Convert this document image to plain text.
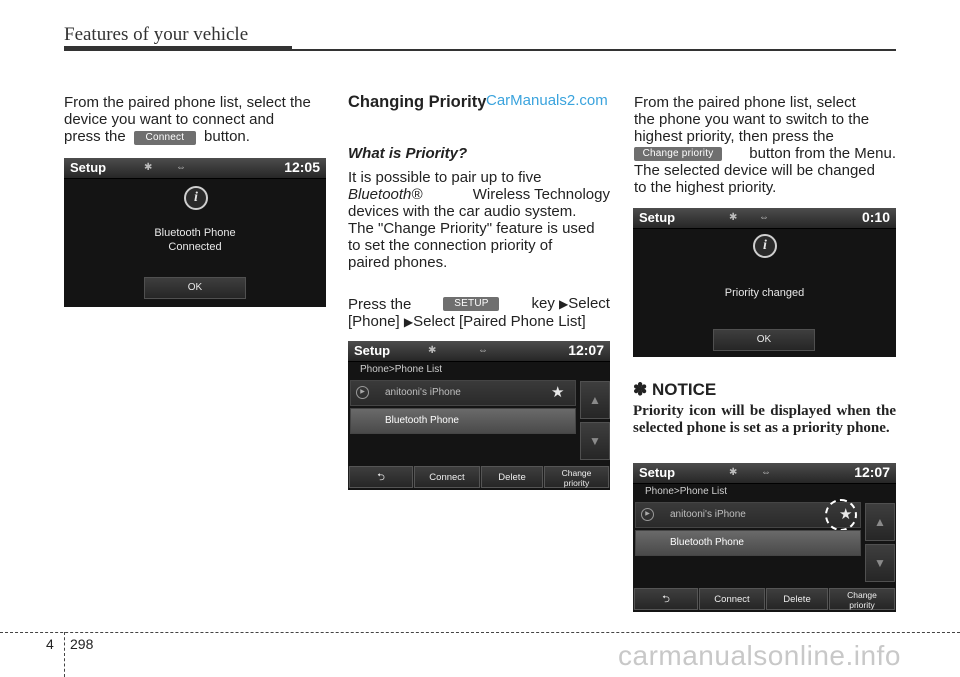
Features of your vehicle
From the paired phone list, select the
device you want to connect and
press the Connect button.
Setup	✱ ⇔	12:05
i
Bluetooth Phone
Connected
OK
Changing Priority CarManuals2.com
What is Priority?
It is possible to pair up to five
Bluetooth®	Wireless Technology
devices with the car audio system.
The "Change Priority" feature is used
to set the connection priority of
paired phones.
Press the	SETUP	key ▶Select
[Phone] ▶Select [Paired Phone List]
Setup	✱	⇔	12:07
Phone>Phone List
▶	anitooni's iPhone	★
Bluetooth Phone
▲
▼
⮌	Connect	Delete	Change
priority
From the paired phone list, select
the phone you want to switch to the
highest priority, then press the
Change priority	button from the Menu.
The selected device will be changed
to the highest priority.
Setup	✱ ⇔	0:10
i
Priority changed
OK
✽ NOTICE
Priority icon will be displayed when the selected phone is set as a priority phone.
Setup	✱ ⇔	12:07
Phone>Phone List
▶	anitooni's iPhone	★
Bluetooth Phone
▲
▼
⮌	Connect	Delete	Change
priority
4 298	carmanualsonline.info
